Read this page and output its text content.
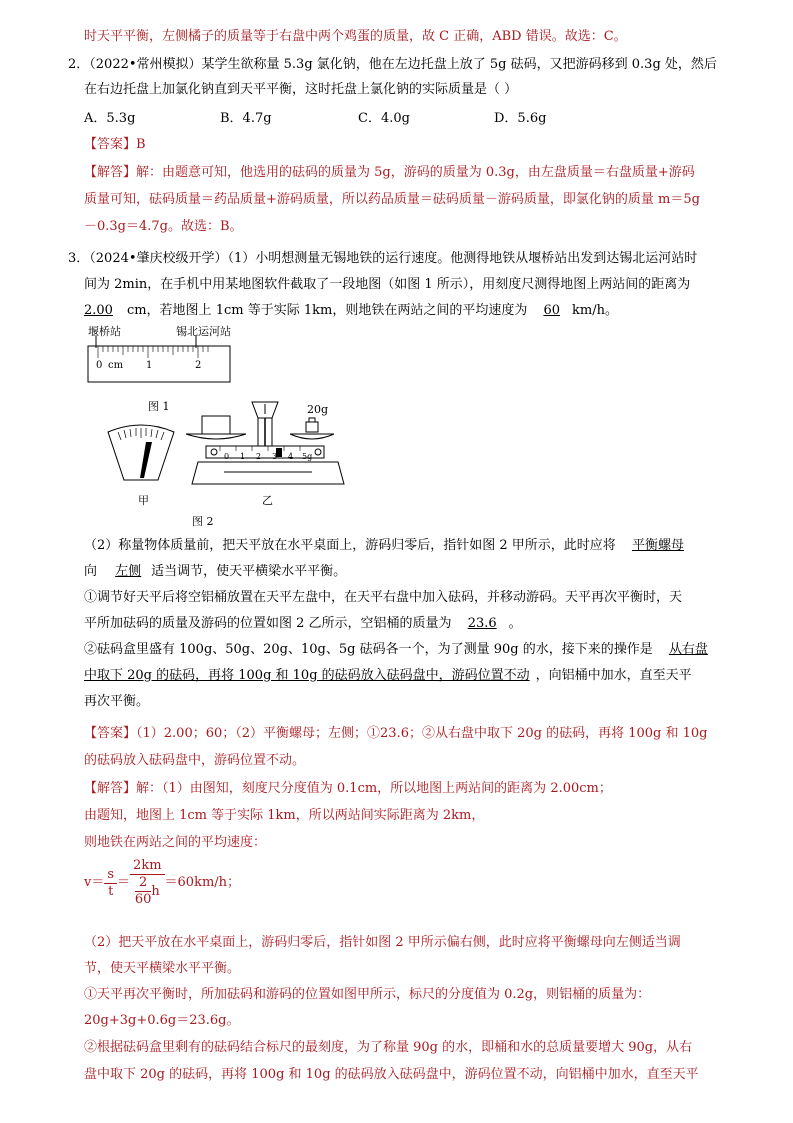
时天平平衡，左侧橘子的质量等于右盘中两个鸡蛋的质量，故 C 正确，ABD 错误。故选：C。
2．（2022•常州模拟）某学生欲称量 5.3g 氯化钠，他在左边托盘上放了 5g 砝码，又把游码移到 0.3g 处，然后
在右边托盘上加氯化钠直到天平平衡，这时托盘上氯化钠的实际质量是（ ）
A．5.3g	B．4.7g	C．4.0g	D．5.6g
【答案】B
【解答】解：由题意可知，他选用的砝码的质量为 5g，游码的质量为 0.3g，由左盘质量＝右盘质量+游码
质量可知，砝码质量＝药品质量+游码质量，所以药品质量＝砝码质量－游码质量，即氯化钠的质量 m＝5g
－0.3g＝4.7g。故选：B。
3．（2024•肇庆校级开学）（1）小明想测量无锡地铁的运行速度。他测得地铁从堰桥站出发到达锡北运河站时
间为 2min，在手机中用某地图软件截取了一段地图（如图 1 所示），用刻度尺测得地图上两站间的距离为
2.00 cm，若地图上 1cm 等于实际 1km，则地铁在两站之间的平均速度为 60 km/h。
堰桥站	锡北运河站
0 cm 1	2
图 1
甲
20g
0 1 2 3 4 5g
乙
图 2
（2）称量物体质量前，把天平放在水平桌面上，游码归零后，指针如图 2 甲所示，此时应将 平衡螺母
向 左侧 适当调节，使天平横梁水平平衡。
①调节好天平后将空铝桶放置在天平左盘中，在天平右盘中加入砝码，并移动游码。天平再次平衡时，天
平所加砝码的质量及游码的位置如图 2 乙所示，空铝桶的质量为 23.6 。
②砝码盒里盛有 100g、50g、20g、10g、5g 砝码各一个，为了测量 90g 的水，接下来的操作是 从右盘
中取下 20g 的砝码，再将 100g 和 10g 的砝码放入砝码盘中，游码位置不动 ，向铝桶中加水，直至天平
再次平衡。
【答案】（1）2.00；60；（2）平衡螺母；左侧；①23.6；②从右盘中取下 20g 的砝码，再将 100g 和 10g
的砝码放入砝码盘中，游码位置不动。
【解答】解：（1）由图知，刻度尺分度值为 0.1cm，所以地图上两站间的距离为 2.00cm；
由题知，地图上 1cm 等于实际 1km，所以两站间实际距离为 2km，
则地铁在两站之间的平均速度：
$v= \frac{s}{t} = \frac{2km}{\frac{2}{60} h} =60km/h$；
（2）把天平放在水平桌面上，游码归零后，指针如图 2 甲所示偏右侧，此时应将平衡螺母向左侧适当调
节，使天平横梁水平平衡。
①天平再次平衡时，所加砝码和游码的位置如图甲所示，标尺的分度值为 0.2g，则铝桶的质量为：
20g+3g+0.6g＝23.6g。
②根据砝码盒里剩有的砝码结合标尺的最刻度，为了称量 90g 的水，即桶和水的总质量要增大 90g，从右
盘中取下 20g 的砝码，再将 100g 和 10g 的砝码放入砝码盘中，游码位置不动，向铝桶中加水，直至天平
